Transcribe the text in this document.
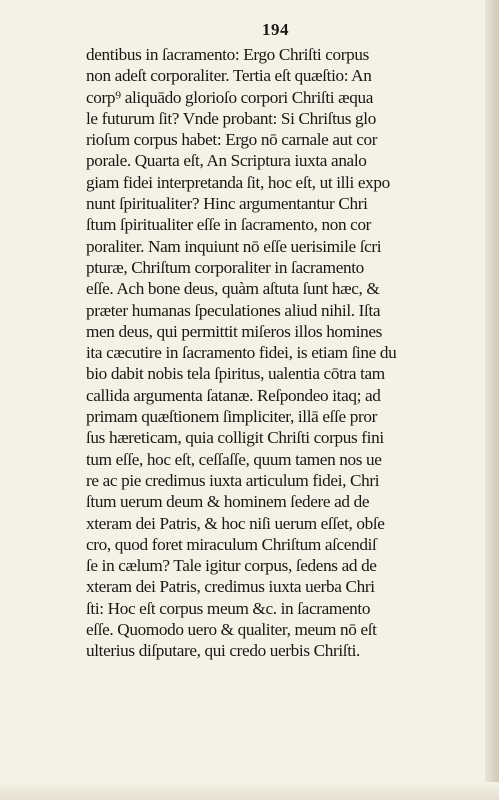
194
dentibus in ſacramento: Ergo Chriſti corpus
non adeſt corporaliter. Tertia eſt quæſtio: An
corp⁹ aliquādo glorioſo corpori Chriſti æqua
le futurum ſit? Vnde probant: Si Chriſtus glo
rioſum corpus habet: Ergo nō carnale aut cor
porale. Quarta eſt, An Scriptura iuxta analo
giam fidei interpretanda ſit, hoc eſt, ut illi expo
nunt ſpiritualiter? Hinc argumentantur Chri
ſtum ſpiritualiter eſſe in ſacramento, non cor
poraliter. Nam inquiunt nō eſſe uerisimile ſcri
pturæ, Chriſtum corporaliter in ſacramento
eſſe. Ach bone deus, quàm aſtuta ſunt hæc, &
præter humanas ſpeculationes aliud nihil. Iſta
men deus, qui permittit miſeros illos homines
ita cæcutire in ſacramento fidei, is etiam ſine du
bio dabit nobis tela ſpiritus, ualentia cōtra tam
callida argumenta ſatanæ. Reſpondeo itaq; ad
primam quæſtionem ſimpliciter, illā eſſe pror
ſus hæreticam, quia colligit Chriſti corpus fini
tum eſſe, hoc eſt, ceſſaſſe, quum tamen nos ue
re ac pie credimus iuxta articulum fidei, Chri
ſtum uerum deum & hominem ſedere ad de
xteram dei Patris, & hoc niſi uerum eſſet, obſe
cro, quod foret miraculum Chriſtum aſcendiſ
ſe in cælum? Tale igitur corpus, ſedens ad de
xteram dei Patris, credimus iuxta uerba Chri
ſti: Hoc eſt corpus meum &c. in ſacramento
eſſe. Quomodo uero & qualiter, meum nō eſt
ulterius diſputare, qui credo uerbis Chriſti.
